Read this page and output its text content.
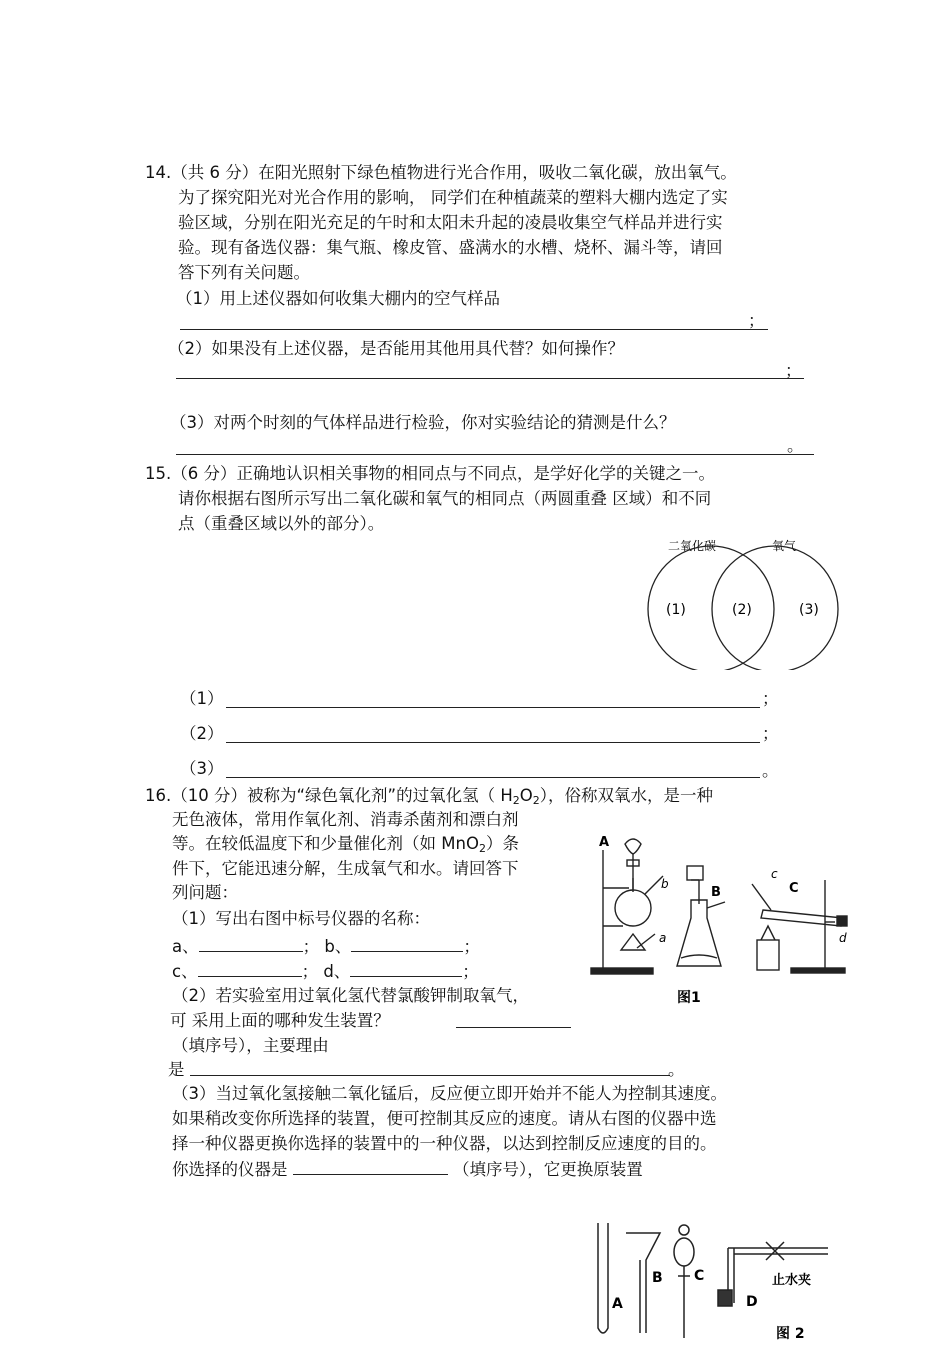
14.（共 6 分）在阳光照射下绿色植物进行光合作用，吸收二氧化碳，放出氧气。
为了探究阳光对光合作用的影响， 同学们在种植蔬菜的塑料大棚内选定了实
验区域，分别在阳光充足的午时和太阳未升起的凌晨收集空气样品并进行实
验。现有备选仪器：集气瓶、橡皮管、盛满水的水槽、烧杯、漏斗等，请回
答下列有关问题。
（1）用上述仪器如何收集大棚内的空气样品
；
（2）如果没有上述仪器，是否能用其他用具代替？如何操作？
；
（3）对两个时刻的气体样品进行检验，你对实验结论的猜测是什么？
。
15.（6 分）正确地认识相关事物的相同点与不同点，是学好化学的关键之一。
请你根据右图所示写出二氧化碳和氧气的相同点（两圆重叠 区域）和不同
点（重叠区域以外的部分）。
二氧化碳	氧气
(1)	(2)	(3)
（1）	；
（2）	；
（3）	。
16.（10 分）被称为“绿色氧化剂”的过氧化氢（ $H_2O_2$），俗称双氧水，是一种
无色液体，常用作氧化剂、消毒杀菌剂和漂白剂
等。在较低温度下和少量催化剂（如 MnO$_2$）条
件下，它能迅速分解，生成氧气和水。请回答下
列问题：
（1）写出右图中标号仪器的名称：
a、	； b、	；
c、	； d、	；
（2）若实验室用过氧化氢代替氯酸钾制取氧气，
可 采用上面的哪种发生装置？
（填序号），主要理由
是	。
（3）当过氧化氢接触二氧化锰后，反应便立即开始并不能人为控制其速度。
如果稍改变你所选择的装置，便可控制其反应的速度。请从右图的仪器中选
择一种仪器更换你选择的装置中的一种仪器，以达到控制反应速度的目的。
你选择的仪器是	（填序号），它更换原装置
A
B	C
a
b
c
d
图1
A
B C
D
止水夹
图 2
